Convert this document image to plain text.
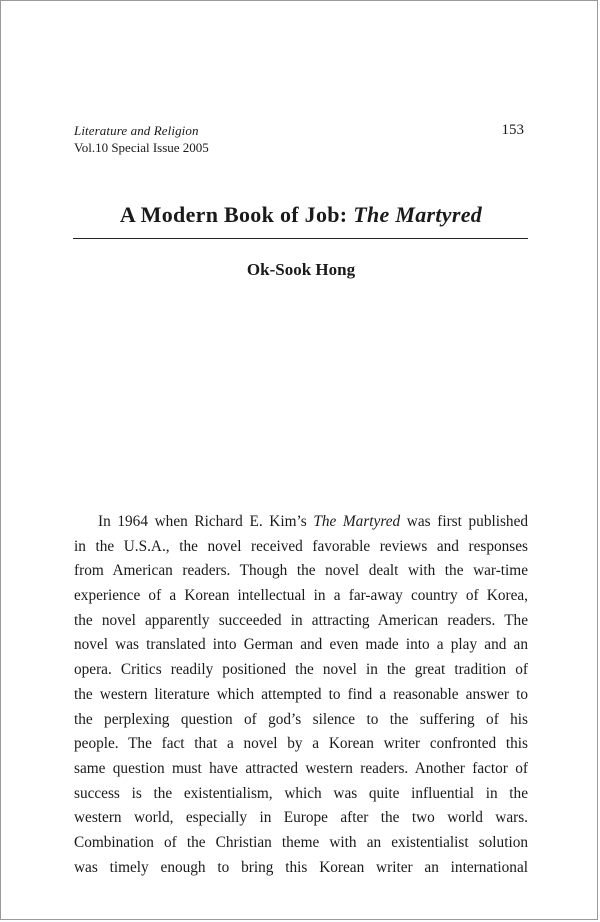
Literature and Religion
Vol.10 Special Issue 2005
153
A Modern Book of Job: The Martyred
Ok-Sook Hong
In 1964 when Richard E. Kim’s The Martyred was first published
in the U.S.A., the novel received favorable reviews and responses
from American readers. Though the novel dealt with the war-time
experience of a Korean intellectual in a far-away country of Korea,
the novel apparently succeeded in attracting American readers. The
novel was translated into German and even made into a play and an
opera. Critics readily positioned the novel in the great tradition of
the western literature which attempted to find a reasonable answer to
the perplexing question of god’s silence to the suffering of his
people. The fact that a novel by a Korean writer confronted this
same question must have attracted western readers. Another factor of
success is the existentialism, which was quite influential in the
western world, especially in Europe after the two world wars.
Combination of the Christian theme with an existentialist solution
was timely enough to bring this Korean writer an international
